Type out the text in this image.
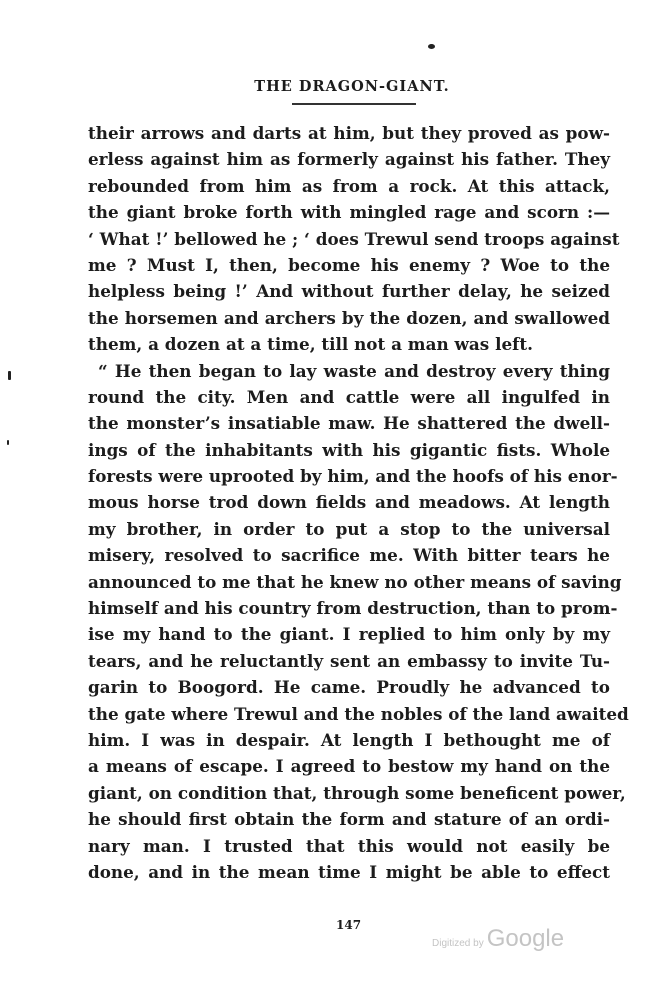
THE DRAGON-GIANT.
their arrows and darts at him, but they proved as pow-
erless against him as formerly against his father. They
rebounded from him as from a rock. At this attack,
the giant broke forth with mingled rage and scorn :—
‘ What !’ bellowed he ; ‘ does Trewul send troops against
me ? Must I, then, become his enemy ? Woe to the
helpless being !’ And without further delay, he seized
the horsemen and archers by the dozen, and swallowed
them, a dozen at a time, till not a man was left.
“ He then began to lay waste and destroy every thing
round the city. Men and cattle were all ingulfed in
the monster’s insatiable maw. He shattered the dwell-
ings of the inhabitants with his gigantic fists. Whole
forests were uprooted by him, and the hoofs of his enor-
mous horse trod down fields and meadows. At length
my brother, in order to put a stop to the universal
misery, resolved to sacrifice me. With bitter tears he
announced to me that he knew no other means of saving
himself and his country from destruction, than to prom-
ise my hand to the giant. I replied to him only by my
tears, and he reluctantly sent an embassy to invite Tu-
garin to Boogord. He came. Proudly he advanced to
the gate where Trewul and the nobles of the land awaited
him. I was in despair. At length I bethought me of
a means of escape. I agreed to bestow my hand on the
giant, on condition that, through some beneficent power,
he should first obtain the form and stature of an ordi-
nary man. I trusted that this would not easily be
done, and in the mean time I might be able to effect
147
Digitized by Google
